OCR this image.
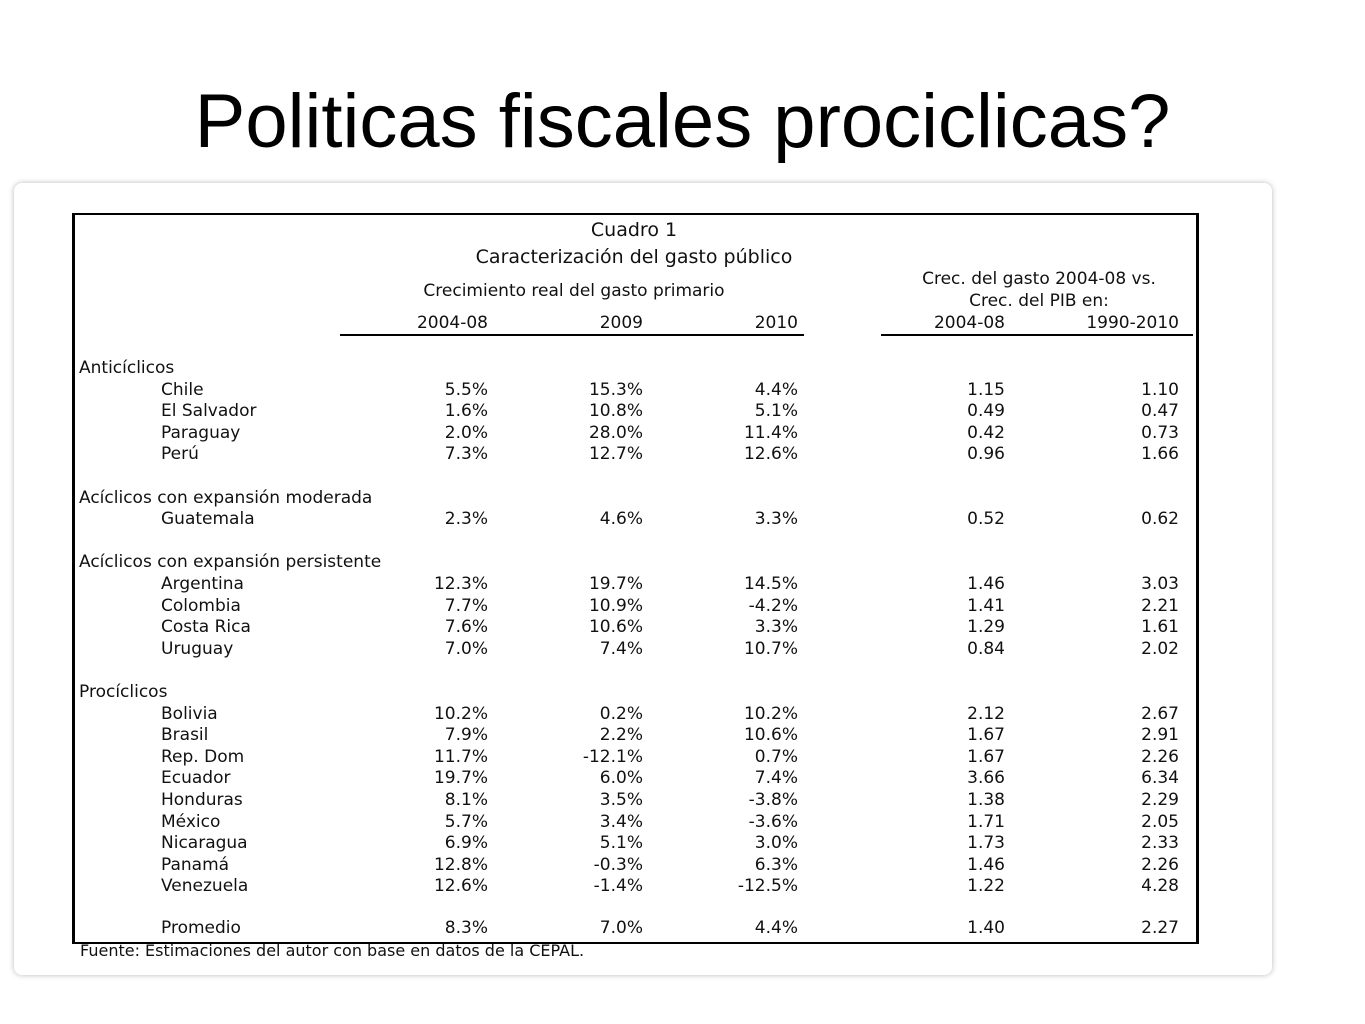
Politicas fiscales prociclicas?
Cuadro 1
Caracterización del gasto público
Crecimiento real del gasto primario
Crec. del gasto 2004-08 vs.
Crec. del PIB en:
2004-08	2009	2010	2004-08	1990-2010
Anticíclicos
Chile	5.5%	15.3%	4.4%	1.15	1.10
El Salvador	1.6%	10.8%	5.1%	0.49	0.47
Paraguay	2.0%	28.0%	11.4%	0.42	0.73
Perú	7.3%	12.7%	12.6%	0.96	1.66
Acíclicos con expansión moderada
Guatemala	2.3%	4.6%	3.3%	0.52	0.62
Acíclicos con expansión persistente
Argentina	12.3%	19.7%	14.5%	1.46	3.03
Colombia	7.7%	10.9%	-4.2%	1.41	2.21
Costa Rica	7.6%	10.6%	3.3%	1.29	1.61
Uruguay	7.0%	7.4%	10.7%	0.84	2.02
Procíclicos
Bolivia	10.2%	0.2%	10.2%	2.12	2.67
Brasil	7.9%	2.2%	10.6%	1.67	2.91
Rep. Dom	11.7%	-12.1%	0.7%	1.67	2.26
Ecuador	19.7%	6.0%	7.4%	3.66	6.34
Honduras	8.1%	3.5%	-3.8%	1.38	2.29
México	5.7%	3.4%	-3.6%	1.71	2.05
Nicaragua	6.9%	5.1%	3.0%	1.73	2.33
Panamá	12.8%	-0.3%	6.3%	1.46	2.26
Venezuela	12.6%	-1.4%	-12.5%	1.22	4.28
Promedio	8.3%	7.0%	4.4%	1.40	2.27
Fuente: Estimaciones del autor con base en datos de la CEPAL.
